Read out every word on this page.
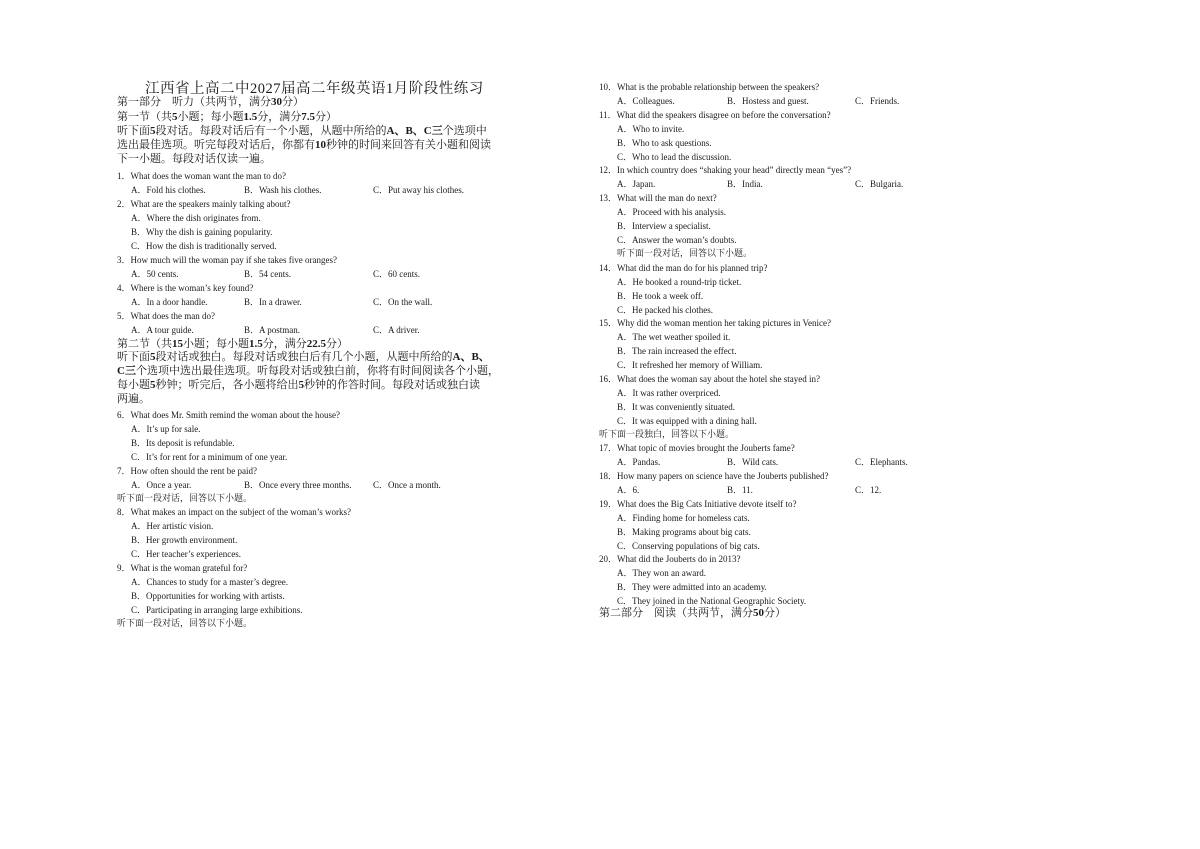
江西省上高二中2027届高二年级英语1月阶段性练习
第一部分　听力（共两节，满分30分）
第一节（共5小题；每小题1.5分，满分7.5分）
听下面5段对话。每段对话后有一个小题，从题中所给的A、B、C三个选项中
选出最佳选项。听完每段对话后，你都有10秒钟的时间来回答有关小题和阅读
下一小题。每段对话仅读一遍。
1．What does the woman want the man to do?
A．Fold his clothes.	B．Wash his clothes.	C．Put away his clothes.
2．What are the speakers mainly talking about?
A．Where the dish originates from.
B．Why the dish is gaining popularity.
C．How the dish is traditionally served.
3．How much will the woman pay if she takes five oranges?
A．50 cents.	B．54 cents.	C．60 cents.
4．Where is the woman’s key found?
A．In a door handle.	B．In a drawer.	C．On the wall.
5．What does the man do?
A．A tour guide.	B．A postman.	C．A driver.
第二节（共15小题；每小题1.5分，满分22.5分）
听下面5段对话或独白。每段对话或独白后有几个小题，从题中所给的A、B、
C三个选项中选出最佳选项。听每段对话或独白前，你将有时间阅读各个小题，
每小题5秒钟；听完后，各小题将给出5秒钟的作答时间。每段对话或独白读
两遍。
6．What does Mr. Smith remind the woman about the house?
A．It’s up for sale.
B．Its deposit is refundable.
C．It’s for rent for a minimum of one year.
7．How often should the rent be paid?
A．Once a year.	B．Once every three months. C．Once a month.
听下面一段对话，回答以下小题。
8．What makes an impact on the subject of the woman’s works?
A．Her artistic vision.
B．Her growth environment.
C．Her teacher’s experiences.
9．What is the woman grateful for?
A．Chances to study for a master’s degree.
B．Opportunities for working with artists.
C．Participating in arranging large exhibitions.
听下面一段对话，回答以下小题。
10．What is the probable relationship between the speakers?
A．Colleagues.	B．Hostess and guest.	C．Friends.
11．What did the speakers disagree on before the conversation?
A．Who to invite.
B．Who to ask questions.
C．Who to lead the discussion.
12．In which country does “shaking your head” directly mean “yes”?
A．Japan.	B．India.	C．Bulgaria.
13．What will the man do next?
A．Proceed with his analysis.
B．Interview a specialist.
C．Answer the woman’s doubts.
听下面一段对话，回答以下小题。
14．What did the man do for his planned trip?
A．He booked a round-trip ticket.
B．He took a week off.
C．He packed his clothes.
15．Why did the woman mention her taking pictures in Venice?
A．The wet weather spoiled it.
B．The rain increased the effect.
C．It refreshed her memory of William.
16．What does the woman say about the hotel she stayed in?
A．It was rather overpriced.
B．It was conveniently situated.
C．It was equipped with a dining hall.
听下面一段独白，回答以下小题。
17．What topic of movies brought the Jouberts fame?
A．Pandas.	B．Wild cats.	C．Elephants.
18．How many papers on science have the Jouberts published?
A．6.	B．11.	C．12.
19．What does the Big Cats Initiative devote itself to?
A．Finding home for homeless cats.
B．Making programs about big cats.
C．Conserving populations of big cats.
20．What did the Jouberts do in 2013?
A．They won an award.
B．They were admitted into an academy.
C．They joined in the National Geographic Society.
第二部分　阅读（共两节，满分50分）
